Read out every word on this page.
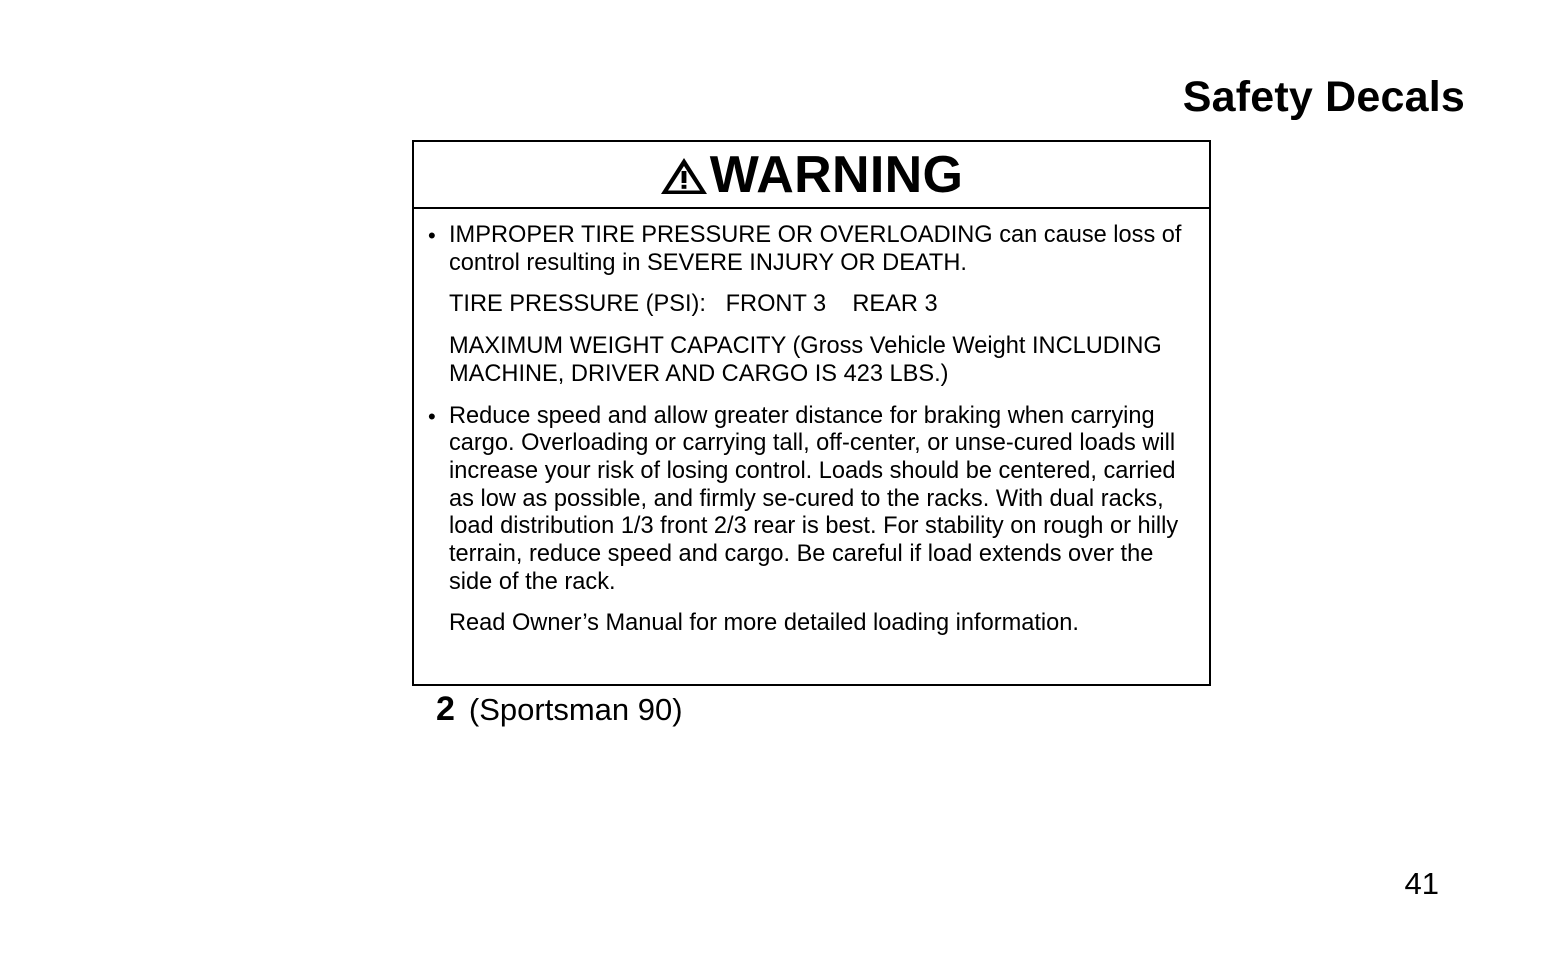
Safety Decals
WARNING
• IMPROPER TIRE PRESSURE OR OVERLOADING can cause loss of control resulting in SEVERE INJURY OR DEATH.

TIRE PRESSURE (PSI):   FRONT 3    REAR 3

MAXIMUM WEIGHT CAPACITY (Gross Vehicle Weight INCLUDING MACHINE, DRIVER AND CARGO IS 423 LBS.)

• Reduce speed and allow greater distance for braking when carrying cargo. Overloading or carrying tall, off-center, or unse-cured loads will increase your risk of losing control. Loads should be centered, carried as low as possible, and firmly se-cured to the racks. With dual racks, load distribution 1/3 front 2/3 rear is best. For stability on rough or hilly terrain, reduce speed and cargo. Be careful if load extends over the side of the rack.

Read Owner’s Manual for more detailed loading information.

2 (Sportsman 90)
41
